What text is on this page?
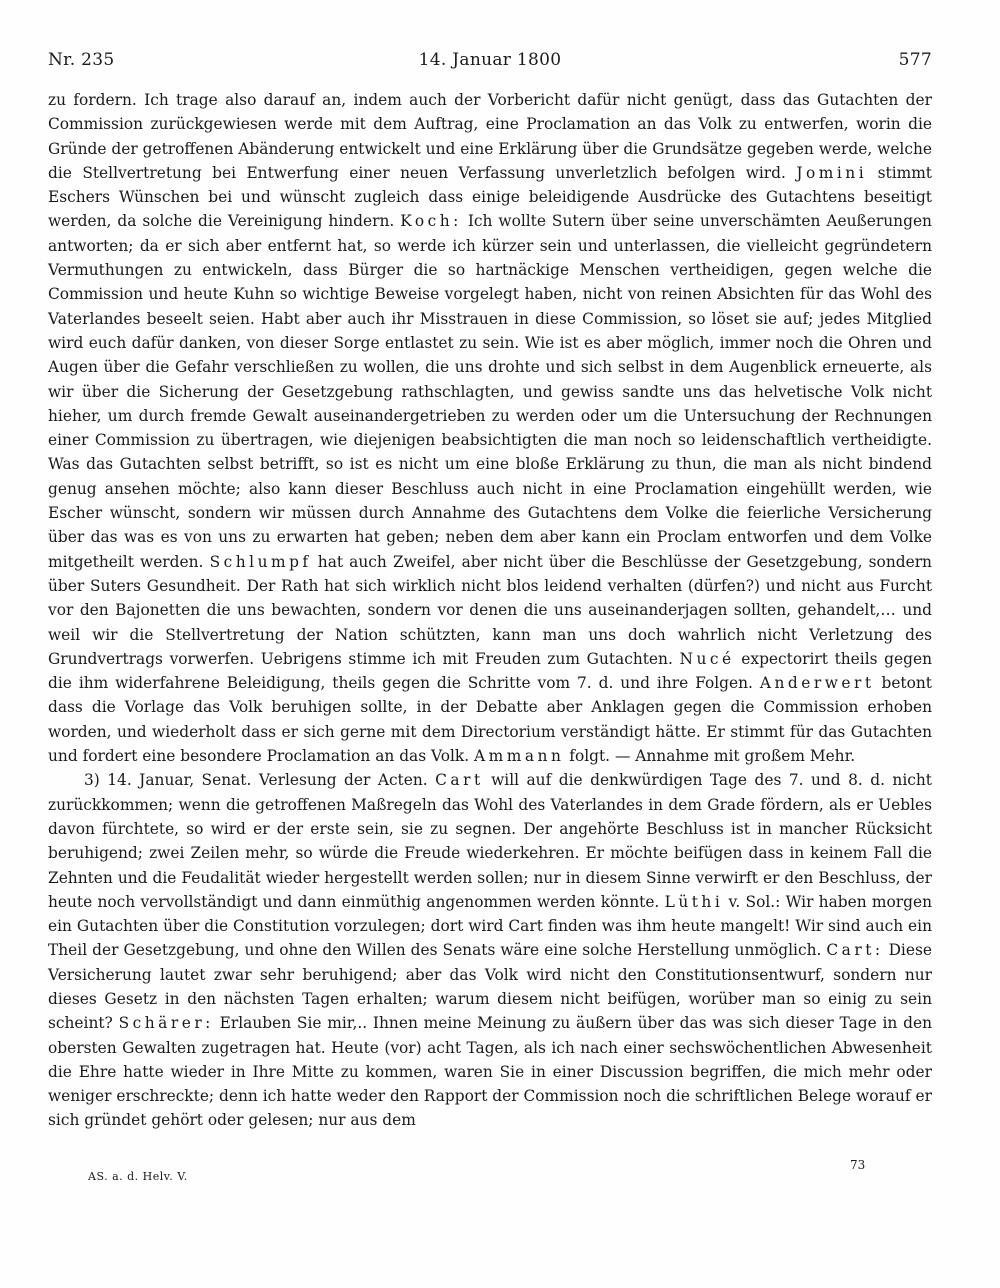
Nr. 235	14. Januar 1800	577

zu fordern. Ich trage also darauf an, indem auch der Vorbericht dafür nicht genügt, dass das Gutachten der Commission zurückgewiesen werde mit dem Auftrag, eine Proclamation an das Volk zu entwerfen, worin die Gründe der getroffenen Abänderung entwickelt und eine Erklärung über die Grundsätze gegeben werde, welche die Stellvertretung bei Entwerfung einer neuen Verfassung unverletzlich befolgen wird. Jomini stimmt Eschers Wünschen bei und wünscht zugleich dass einige beleidigende Ausdrücke des Gutachtens beseitigt werden, da solche die Vereinigung hindern. Koch: Ich wollte Sutern über seine unverschämten Aeußerungen antworten; da er sich aber entfernt hat, so werde ich kürzer sein und unterlassen, die vielleicht gegründetern Vermuthungen zu entwickeln, dass Bürger die so hartnäckige Menschen vertheidigen, gegen welche die Commission und heute Kuhn so wichtige Beweise vorgelegt haben, nicht von reinen Absichten für das Wohl des Vaterlandes beseelt seien. Habt aber auch ihr Misstrauen in diese Commission, so löset sie auf; jedes Mitglied wird euch dafür danken, von dieser Sorge entlastet zu sein. Wie ist es aber möglich, immer noch die Ohren und Augen über die Gefahr verschließen zu wollen, die uns drohte und sich selbst in dem Augenblick erneuerte, als wir über die Sicherung der Gesetzgebung rathschlagten, und gewiss sandte uns das helvetische Volk nicht hieher, um durch fremde Gewalt auseinandergetrieben zu werden oder um die Untersuchung der Rechnungen einer Commission zu übertragen, wie diejenigen beabsichtigten die man noch so leidenschaftlich vertheidigte. Was das Gutachten selbst betrifft, so ist es nicht um eine bloße Erklärung zu thun, die man als nicht bindend genug ansehen möchte; also kann dieser Beschluss auch nicht in eine Proclamation eingehüllt werden, wie Escher wünscht, sondern wir müssen durch Annahme des Gutachtens dem Volke die feierliche Versicherung über das was es von uns zu erwarten hat geben; neben dem aber kann ein Proclam entworfen und dem Volke mitgetheilt werden. Schlumpf hat auch Zweifel, aber nicht über die Beschlüsse der Gesetzgebung, sondern über Suters Gesundheit. Der Rath hat sich wirklich nicht blos leidend verhalten (dürfen?) und nicht aus Furcht vor den Bajonetten die uns bewachten, sondern vor denen die uns auseinanderjagen sollten, gehandelt,… und weil wir die Stellvertretung der Nation schützten, kann man uns doch wahrlich nicht Verletzung des Grundvertrags vorwerfen. Uebrigens stimme ich mit Freuden zum Gutachten. Nucé expectorirt theils gegen die ihm widerfahrene Beleidigung, theils gegen die Schritte vom 7. d. und ihre Folgen. Anderwert betont dass die Vorlage das Volk beruhigen sollte, in der Debatte aber Anklagen gegen die Commission erhoben worden, und wiederholt dass er sich gerne mit dem Directorium verständigt hätte. Er stimmt für das Gutachten und fordert eine besondere Proclamation an das Volk. Ammann folgt. — Annahme mit großem Mehr.

3) 14. Januar, Senat. Verlesung der Acten. Cart will auf die denkwürdigen Tage des 7. und 8. d. nicht zurückkommen; wenn die getroffenen Maßregeln das Wohl des Vaterlandes in dem Grade fördern, als er Uebles davon fürchtete, so wird er der erste sein, sie zu segnen. Der angehörte Beschluss ist in mancher Rücksicht beruhigend; zwei Zeilen mehr, so würde die Freude wiederkehren. Er möchte beifügen dass in keinem Fall die Zehnten und die Feudalität wieder hergestellt werden sollen; nur in diesem Sinne verwirft er den Beschluss, der heute noch vervollständigt und dann einmüthig angenommen werden könnte. Lüthi v. Sol.: Wir haben morgen ein Gutachten über die Constitution vorzulegen; dort wird Cart finden was ihm heute mangelt! Wir sind auch ein Theil der Gesetzgebung, und ohne den Willen des Senats wäre eine solche Herstellung unmöglich. Cart: Diese Versicherung lautet zwar sehr beruhigend; aber das Volk wird nicht den Constitutionsentwurf, sondern nur dieses Gesetz in den nächsten Tagen erhalten; warum diesem nicht beifügen, worüber man so einig zu sein scheint? Schärer: Erlauben Sie mir,.. Ihnen meine Meinung zu äußern über das was sich dieser Tage in den obersten Gewalten zugetragen hat. Heute (vor) acht Tagen, als ich nach einer sechswöchentlichen Abwesenheit die Ehre hatte wieder in Ihre Mitte zu kommen, waren Sie in einer Discussion begriffen, die mich mehr oder weniger erschreckte; denn ich hatte weder den Rapport der Commission noch die schriftlichen Belege worauf er sich gründet gehört oder gelesen; nur aus dem

AS. a. d. Helv. V.
73
